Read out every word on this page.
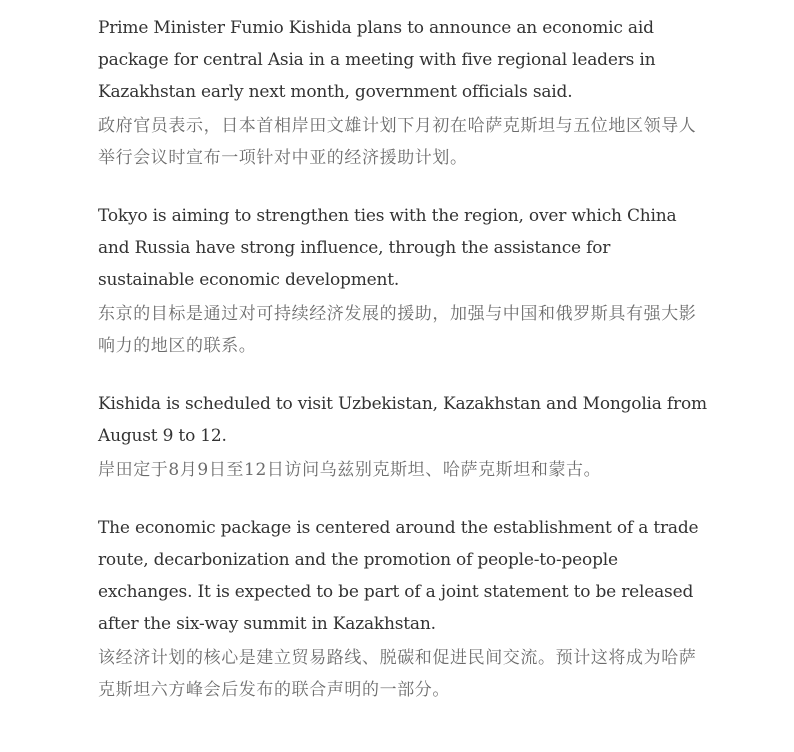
Prime Minister Fumio Kishida plans to announce an economic aid package for central Asia in a meeting with five regional leaders in Kazakhstan early next month, government officials said.

政府官员表示，日本首相岸田文雄计划下月初在哈萨克斯坦与五位地区领导人举行会议时宣布一项针对中亚的经济援助计划。

Tokyo is aiming to strengthen ties with the region, over which China and Russia have strong influence, through the assistance for sustainable economic development.

东京的目标是通过对可持续经济发展的援助，加强与中国和俄罗斯具有强大影响力的地区的联系。

Kishida is scheduled to visit Uzbekistan, Kazakhstan and Mongolia from August 9 to 12.

岸田定于8月9日至12日访问乌兹别克斯坦、哈萨克斯坦和蒙古。

The economic package is centered around the establishment of a trade route, decarbonization and the promotion of people-to-people exchanges. It is expected to be part of a joint statement to be released after the six-way summit in Kazakhstan.

该经济计划的核心是建立贸易路线、脱碳和促进民间交流。预计这将成为哈萨克斯坦六方峰会后发布的联合声明的一部分。
